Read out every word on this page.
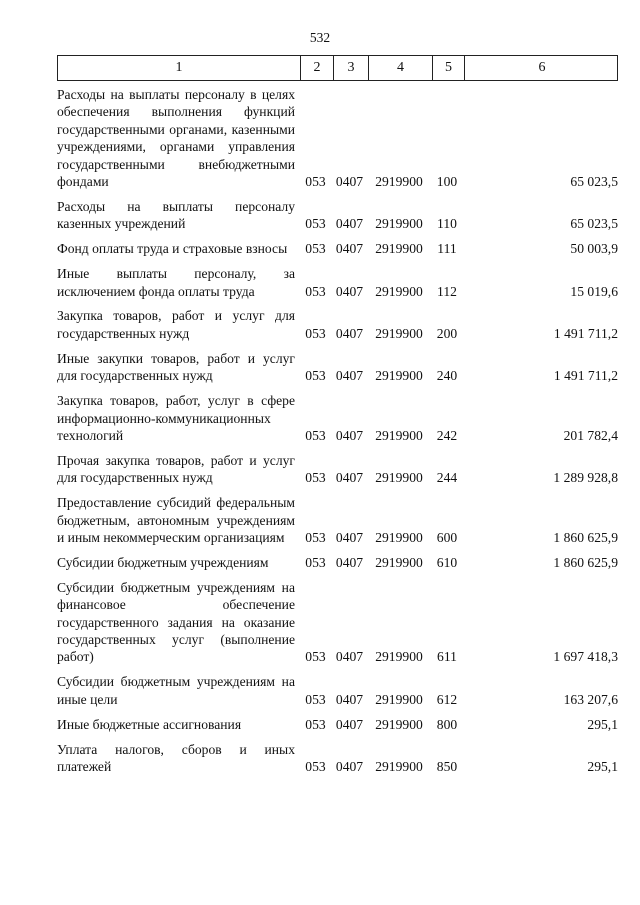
532
1	2	3	4	5	6
Расходы на выплаты персоналу в целях обеспечения выполнения функций государственными органами, казенными учреждениями, органами управления государственными внебюджетными фондами	053 0407 2919900	100	65 023,5
Расходы на выплаты персоналу казенных учреждений	053 0407 2919900	110	65 023,5
Фонд оплаты труда и страховые взносы	053 0407 2919900	111	50 003,9
Иные выплаты персоналу, за исключением фонда оплаты труда	053 0407 2919900	112	15 019,6
Закупка товаров, работ и услуг для государственных нужд	053 0407 2919900	200	1 491 711,2
Иные закупки товаров, работ и услуг для государственных нужд	053 0407 2919900	240	1 491 711,2
Закупка товаров, работ, услуг в сфере информационно-коммуникационных технологий	053 0407 2919900	242	201 782,4
Прочая закупка товаров, работ и услуг для государственных нужд	053 0407 2919900	244	1 289 928,8
Предоставление субсидий федеральным бюджетным, автономным учреждениям и иным некоммерческим организациям	053 0407 2919900	600	1 860 625,9
Субсидии бюджетным учреждениям	053 0407 2919900	610	1 860 625,9
Субсидии бюджетным учреждениям на финансовое обеспечение государственного задания на оказание государственных услуг (выполнение работ)	053 0407 2919900	611	1 697 418,3
Субсидии бюджетным учреждениям на иные цели	053 0407 2919900	612	163 207,6
Иные бюджетные ассигнования	053 0407 2919900	800	295,1
Уплата налогов, сборов и иных платежей	053 0407 2919900	850	295,1
